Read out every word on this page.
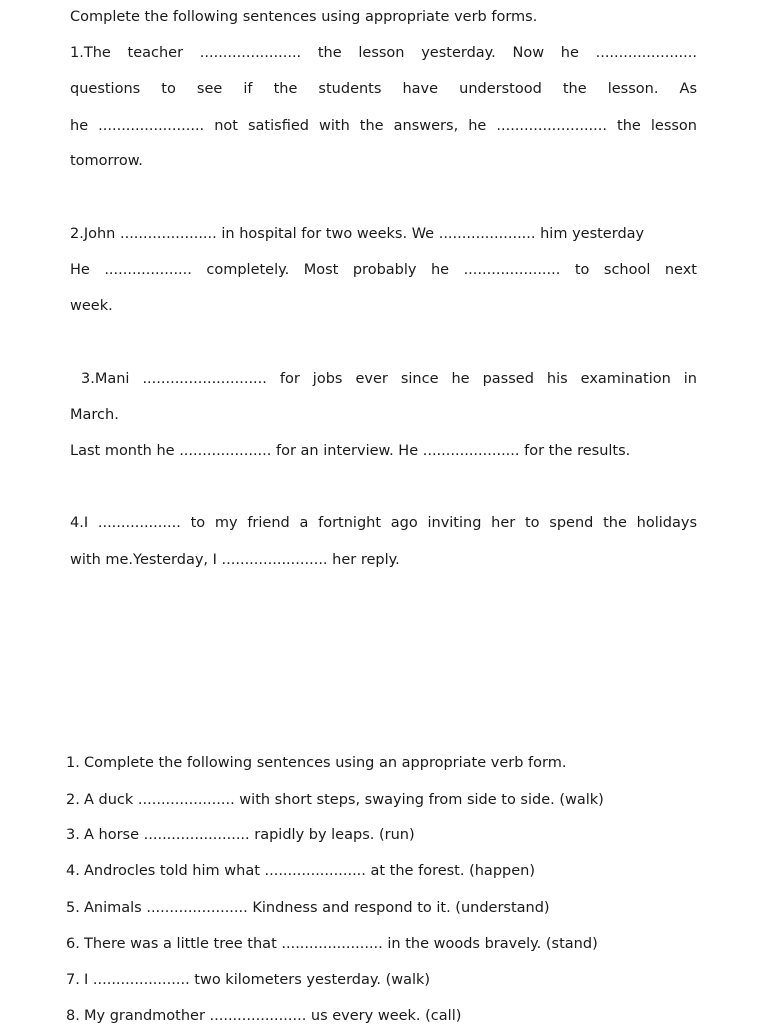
Complete the following sentences using appropriate verb forms.
1.The teacher ...................... the lesson yesterday. Now he ......................
questions to see if the students have understood the lesson. As
he ....................... not satisfied with the answers, he ........................ the lesson
tomorrow.
2.John ..................... in hospital for two weeks. We ..................... him yesterday
He ................... completely. Most probably he ..................... to school next
week.
3.Mani ........................... for jobs ever since he passed his examination in
March.
Last month he .................... for an interview. He ..................... for the results.
4.I .................. to my friend a fortnight ago inviting her to spend the holidays
with me.Yesterday, I ....................... her reply.
1. Complete the following sentences using an appropriate verb form.
2. A duck ..................... with short steps, swaying from side to side. (walk)
3. A horse ....................... rapidly by leaps. (run)
4. Androcles told him what ...................... at the forest. (happen)
5. Animals ...................... Kindness and respond to it. (understand)
6. There was a little tree that ...................... in the woods bravely. (stand)
7. I ..................... two kilometers yesterday. (walk)
8. My grandmother ..................... us every week. (call)
